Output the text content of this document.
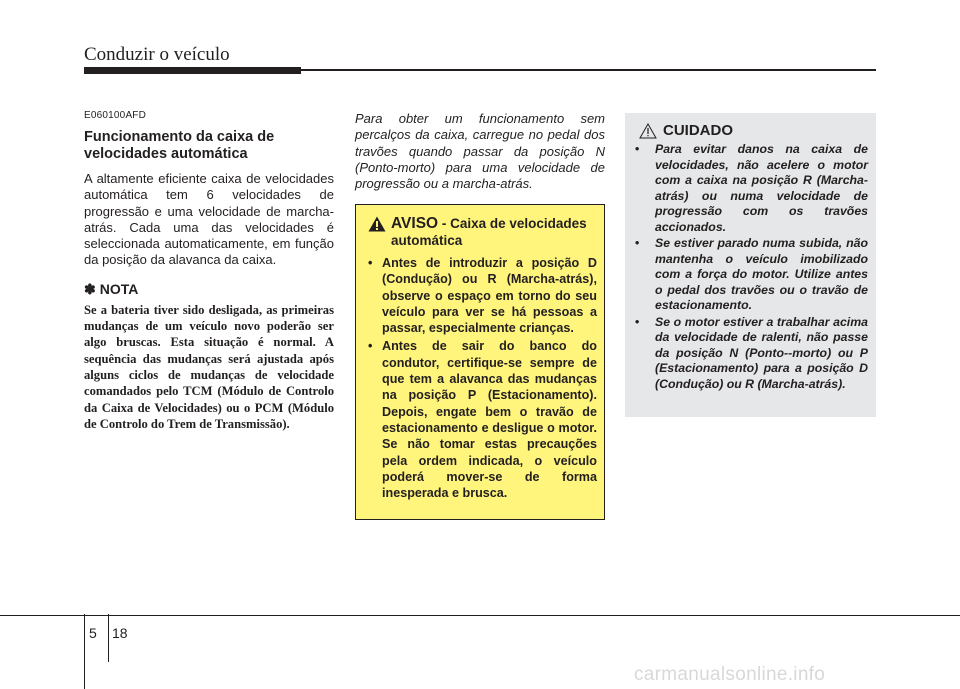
Conduzir o veículo
E060100AFD
Funcionamento da caixa de velocidades automática
A altamente eficiente caixa de velocidades automática tem 6 velocidades de progressão e uma velocidade de marcha-atrás. Cada uma das velocidades é seleccionada automaticamente, em função da posição da alavanca da caixa.
✽ NOTA
Se a bateria tiver sido desligada, as primeiras mudanças de um veículo novo poderão ser algo bruscas. Esta situação é normal. A sequência das mudanças será ajustada após alguns ciclos de mudanças de velocidade comandados pelo TCM (Módulo de Controlo da Caixa de Velocidades) ou o PCM (Módulo de Controlo do Trem de Transmissão).
Para obter um funcionamento sem percalços da caixa, carregue no pedal dos travões quando passar da posição N (Ponto-morto) para uma velocidade de progressão ou a marcha-atrás.
AVISO - Caixa de velocidades automática
• Antes de introduzir a posição D (Condução) ou R (Marcha-atrás), observe o espaço em torno do seu veículo para ver se há pessoas a passar, especialmente crianças.
• Antes de sair do banco do condutor, certifique-se sempre de que tem a alavanca das mudanças na posição P (Estacionamento). Depois, engate bem o travão de estacionamento e desligue o motor. Se não tomar estas precauções pela ordem indicada, o veículo poderá mover-se de forma inesperada e brusca.
CUIDADO
• Para evitar danos na caixa de velocidades, não acelere o motor com a caixa na posição R (Marcha-atrás) ou numa velocidade de progressão com os travões accionados.
• Se estiver parado numa subida, não mantenha o veículo imobilizado com a força do motor. Utilize antes o pedal dos travões ou o travão de estacionamento.
• Se o motor estiver a trabalhar acima da velocidade de ralenti, não passe da posição N (Ponto--morto) ou P (Estacionamento) para a posição D (Condução) ou R (Marcha-atrás).
5 18
carmanualsonline.info
